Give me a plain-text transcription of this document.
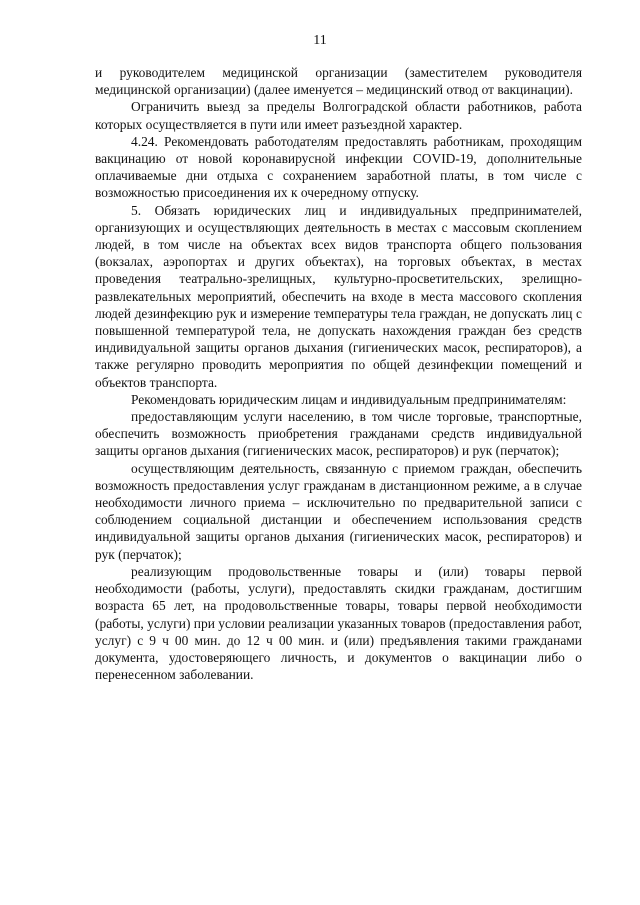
11

и руководителем медицинской организации (заместителем руководителя медицинской организации) (далее именуется – медицинский отвод от вакцинации).

Ограничить выезд за пределы Волгоградской области работников, работа которых осуществляется в пути или имеет разъездной характер.

4.24. Рекомендовать работодателям предоставлять работникам, проходящим вакцинацию от новой коронавирусной инфекции COVID-19, дополнительные оплачиваемые дни отдыха с сохранением заработной платы, в том числе с возможностью присоединения их к очередному отпуску.

5. Обязать юридических лиц и индивидуальных предпринимателей, организующих и осуществляющих деятельность в местах с массовым скоплением людей, в том числе на объектах всех видов транспорта общего пользования (вокзалах, аэропортах и других объектах), на торговых объектах, в местах проведения театрально-зрелищных, культурно-просветительских, зрелищно-развлекательных мероприятий, обеспечить на входе в места массового скопления людей дезинфекцию рук и измерение температуры тела граждан, не допускать лиц с повышенной температурой тела, не допускать нахождения граждан без средств индивидуальной защиты органов дыхания (гигиенических масок, респираторов), а также регулярно проводить мероприятия по общей дезинфекции помещений и объектов транспорта.

Рекомендовать юридическим лицам и индивидуальным предпринимателям:

предоставляющим услуги населению, в том числе торговые, транспортные, обеспечить возможность приобретения гражданами средств индивидуальной защиты органов дыхания (гигиенических масок, респираторов) и рук (перчаток);

осуществляющим деятельность, связанную с приемом граждан, обеспечить возможность предоставления услуг гражданам в дистанционном режиме, а в случае необходимости личного приема – исключительно по предварительной записи с соблюдением социальной дистанции и обеспечением использования средств индивидуальной защиты органов дыхания (гигиенических масок, респираторов) и рук (перчаток);

реализующим продовольственные товары и (или) товары первой необходимости (работы, услуги), предоставлять скидки гражданам, достигшим возраста 65 лет, на продовольственные товары, товары первой необходимости (работы, услуги) при условии реализации указанных товаров (предоставления работ, услуг) с 9 ч 00 мин. до 12 ч 00 мин. и (или) предъявления такими гражданами документа, удостоверяющего личность, и документов о вакцинации либо о перенесенном заболевании.
